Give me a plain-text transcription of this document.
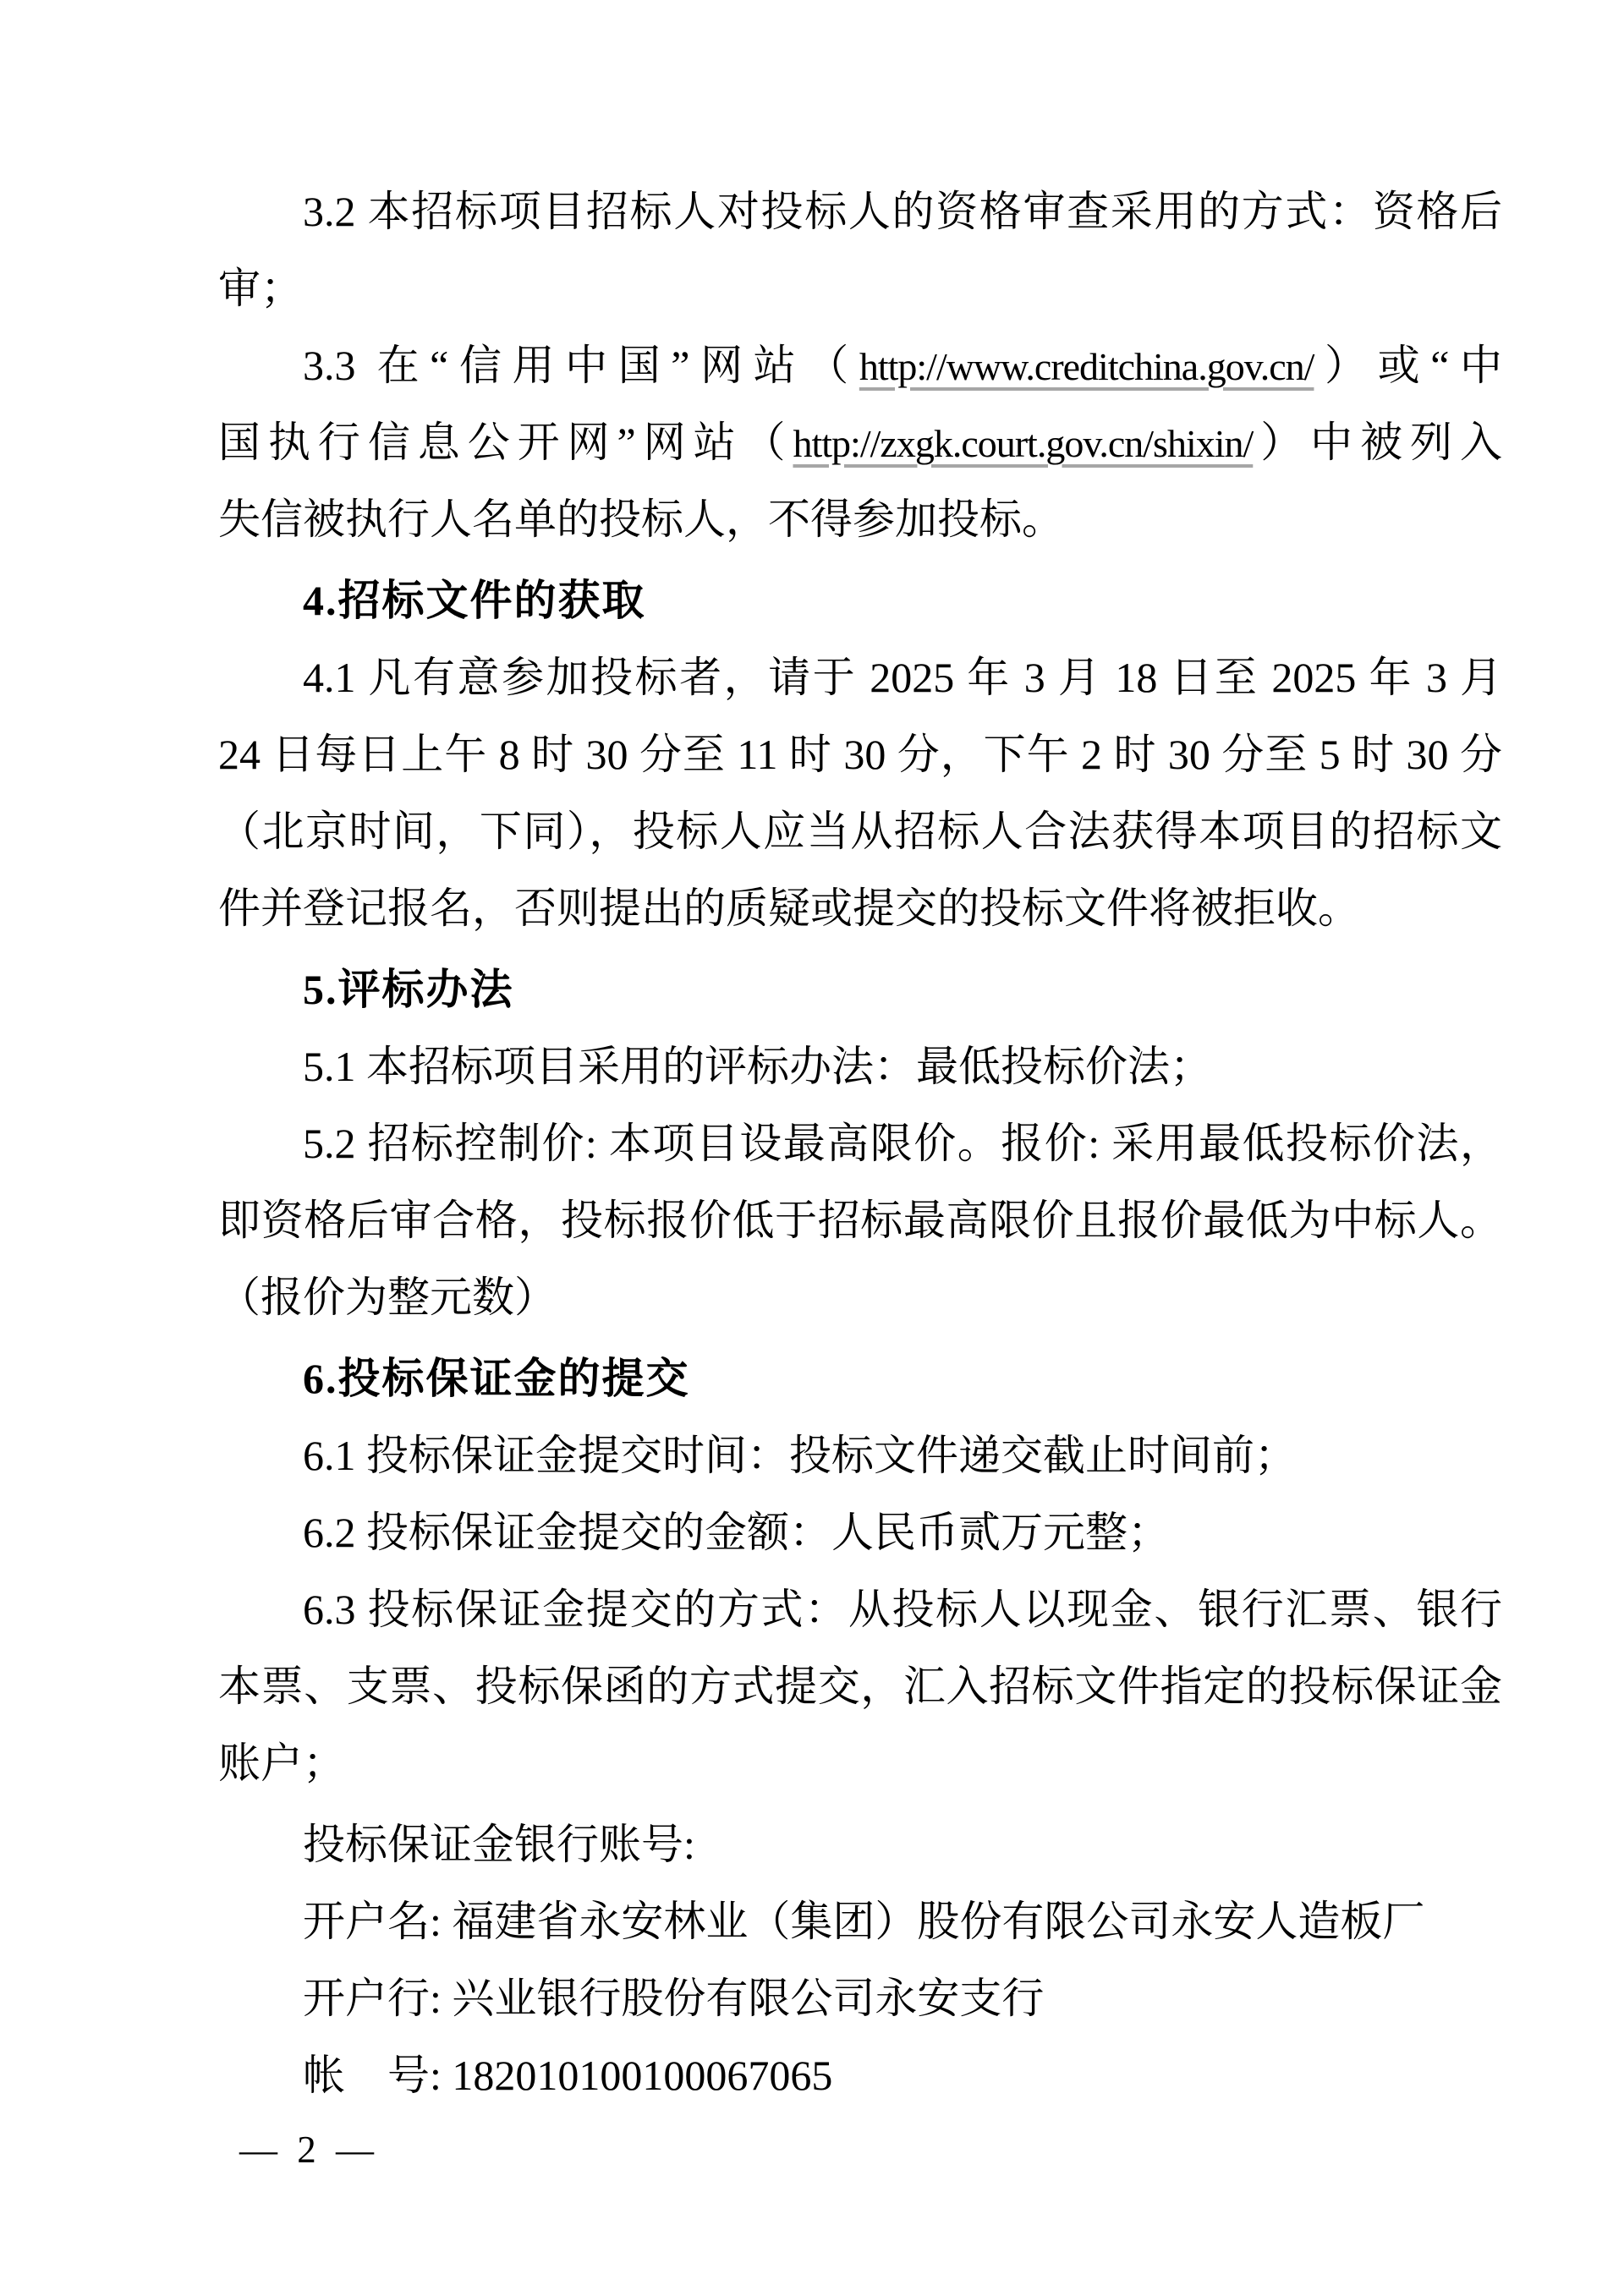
3.2 本招标项目招标人对投标人的资格审查采用的方式：资格后
审；
3.3 在“信用中国”网站（http://www.creditchina.gov.cn/）或“中
国执行信息公开网”网站（http://zxgk.court.gov.cn/shixin/）中被列入
失信被执行人名单的投标人，不得参加投标。
4.招标文件的获取
4.1 凡有意参加投标者，请于 2025 年 3 月 18 日至 2025 年 3 月
24 日每日上午 8 时 30 分至 11 时 30 分，下午 2 时 30 分至 5 时 30 分
（北京时间，下同），投标人应当从招标人合法获得本项目的招标文
件并登记报名，否则提出的质疑或提交的投标文件将被拒收。
5.评标办法
5.1 本招标项目采用的评标办法：最低投标价法；
5.2 招标控制价: 本项目设最高限价。报价: 采用最低投标价法，
即资格后审合格，投标报价低于招标最高限价且报价最低为中标人。
（报价为整元数）
6.投标保证金的提交
6.1 投标保证金提交时间：投标文件递交截止时间前；
6.2 投标保证金提交的金额：人民币贰万元整；
6.3 投标保证金提交的方式：从投标人以现金、银行汇票、银行
本票、支票、投标保函的方式提交，汇入招标文件指定的投标保证金
账户；
投标保证金银行账号:
开户名: 福建省永安林业（集团）股份有限公司永安人造板厂
开户行: 兴业银行股份有限公司永安支行
帐　号: 182010100100067065
— 2 —
